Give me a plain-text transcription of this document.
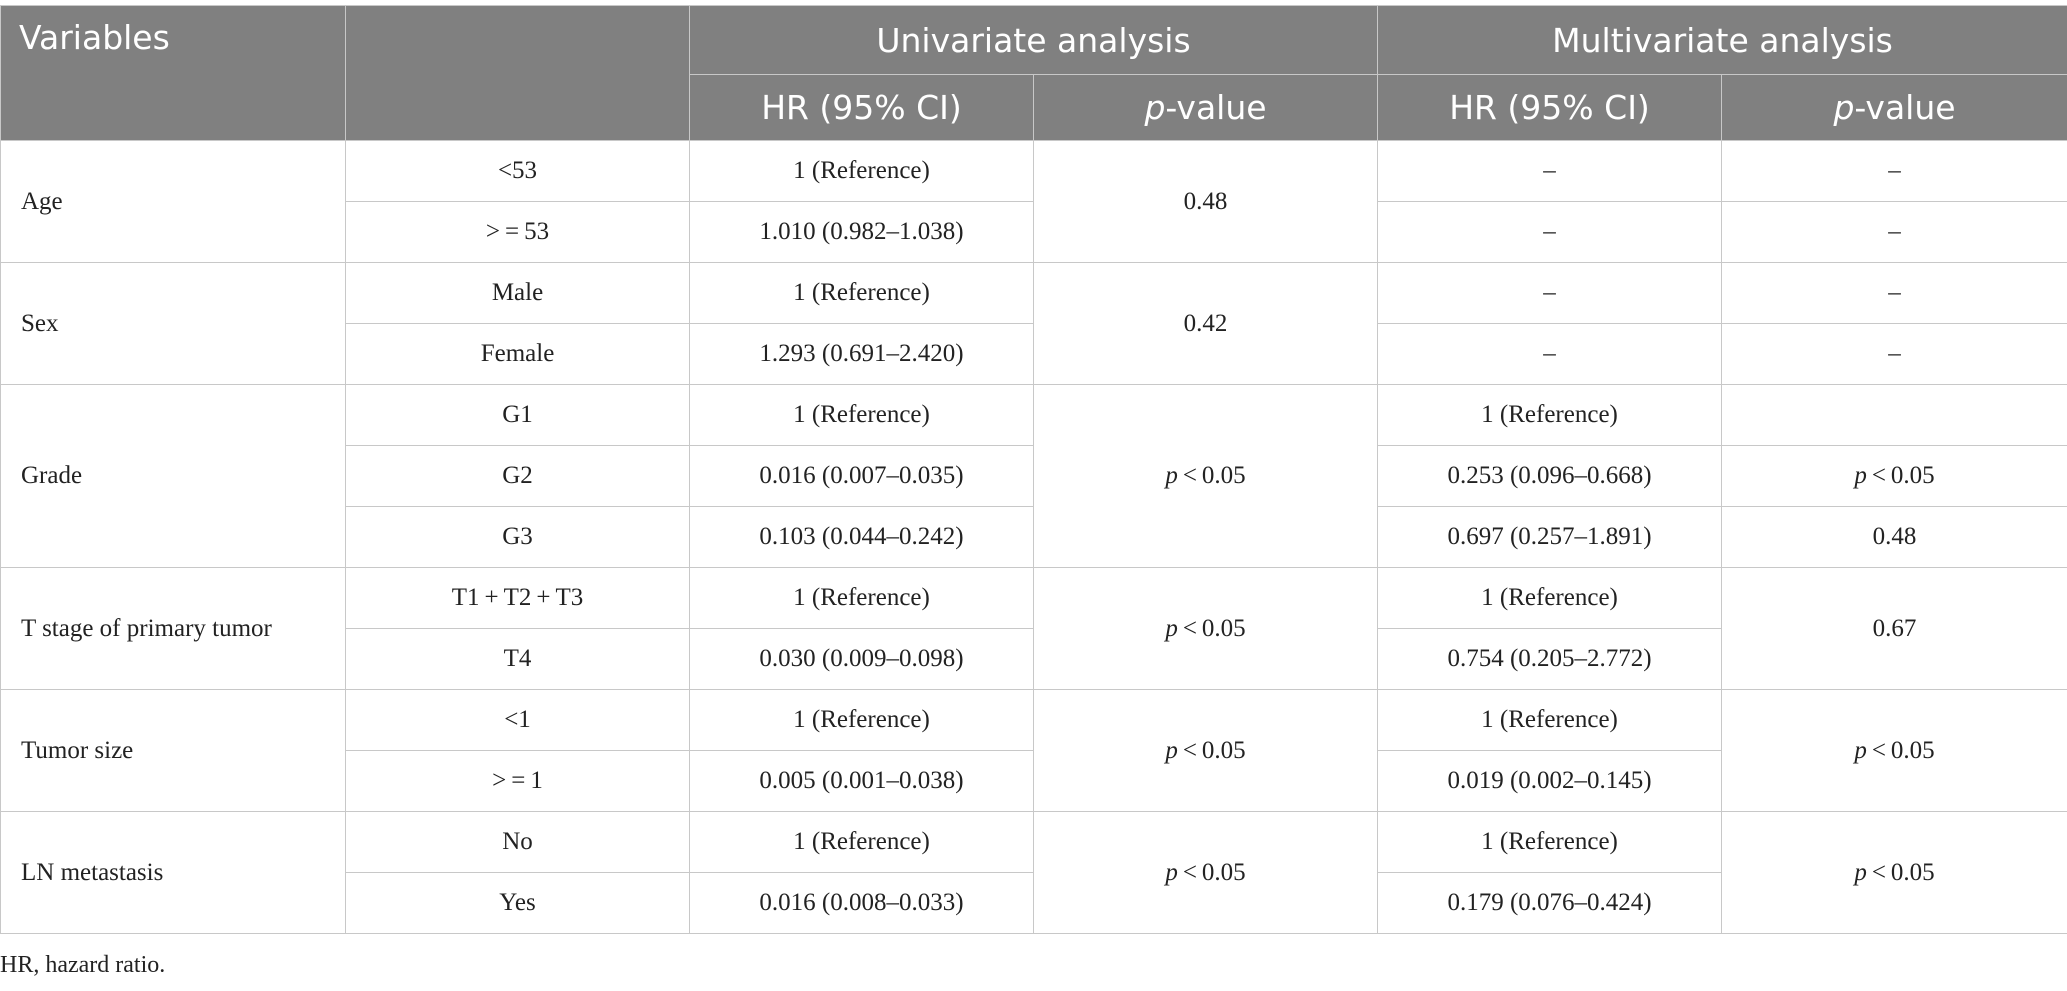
Variables		Univariate analysis		Multivariate analysis	
		HR (95% CI)	p-value	HR (95% CI)	p-value
Age	<53	1 (Reference)	0.48	–	–
	> = 53	1.010 (0.982–1.038)		–	–
Sex	Male	1 (Reference)	0.42	–	–
	Female	1.293 (0.691–2.420)		–	–
Grade	G1	1 (Reference)	p < 0.05	1 (Reference)	
	G2	0.016 (0.007–0.035)		0.253 (0.096–0.668)	p < 0.05
	G3	0.103 (0.044–0.242)		0.697 (0.257–1.891)	0.48
T stage of primary tumor	T1 + T2 + T3	1 (Reference)	p < 0.05	1 (Reference)	0.67
	T4	0.030 (0.009–0.098)		0.754 (0.205–2.772)	
Tumor size	<1	1 (Reference)	p < 0.05	1 (Reference)	p < 0.05
	> = 1	0.005 (0.001–0.038)		0.019 (0.002–0.145)	
LN metastasis	No	1 (Reference)	p < 0.05	1 (Reference)	p < 0.05
	Yes	0.016 (0.008–0.033)		0.179 (0.076–0.424)	
HR, hazard ratio.
